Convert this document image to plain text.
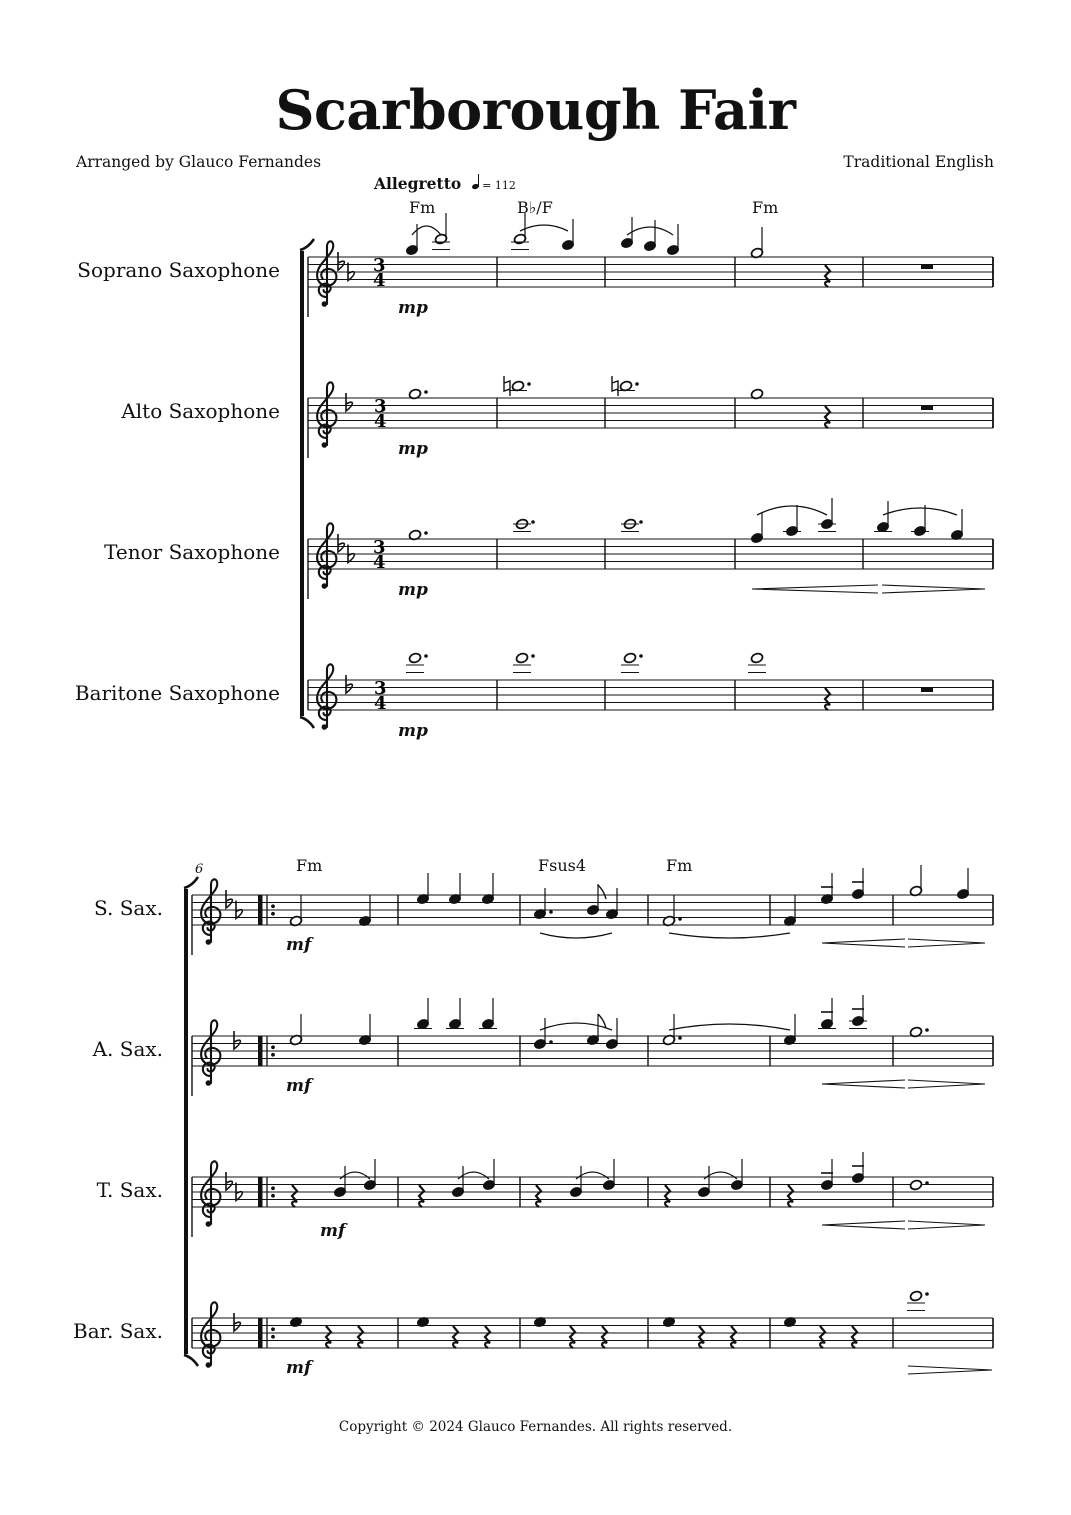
Scarborough Fair
Arranged by Glauco Fernandes	Traditional English
Allegretto = 112
Fm	B♭/F	Fm
Soprano Saxophone
Alto Saxophone
Tenor Saxophone
Baritone Saxophone
mp
mp
mp
mp
6	Fm	Fsus4	Fm
S. Sax.
A. Sax.
T. Sax.
Bar. Sax.
mf
mf
mf
mf
Copyright © 2024 Glauco Fernandes. All rights reserved.
3
4
3
4
3
4
3
4
